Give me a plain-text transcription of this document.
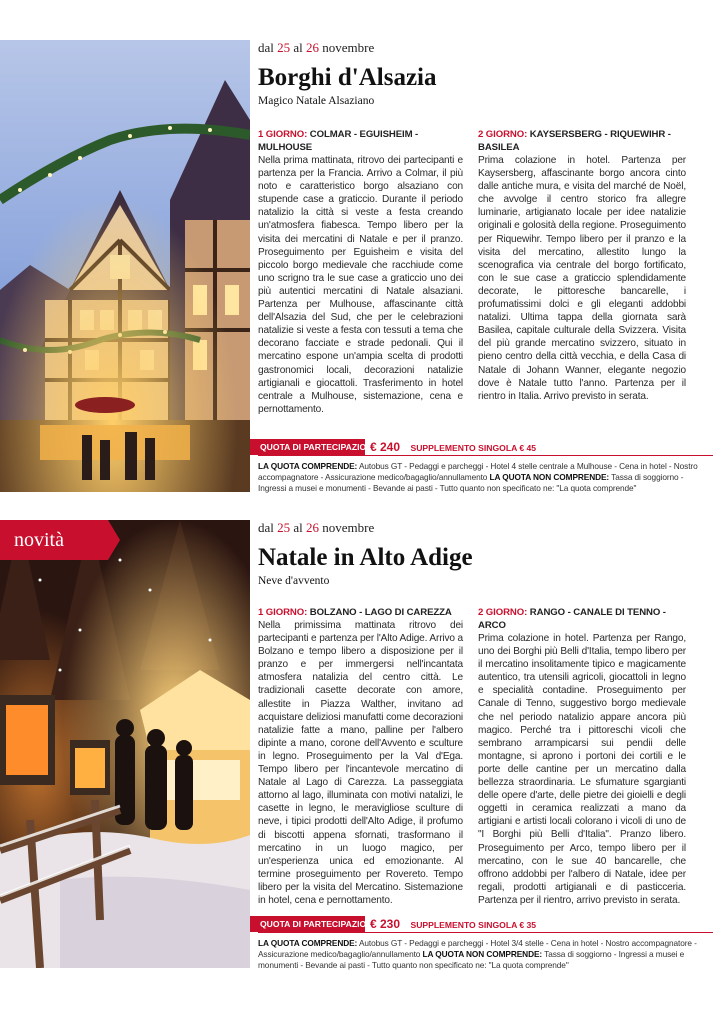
dal 25 al 26 novembre
Borghi d'Alsazia
Magico Natale Alsaziano
1 GIORNO: COLMAR - EGUISHEIM - MULHOUSE
Nella prima mattinata, ritrovo dei partecipanti e partenza per la Francia. Arrivo a Colmar, il più noto e caratteristico borgo alsaziano con stupende case a graticcio. Durante il periodo natalizio la città si veste a festa creando un'atmosfera fiabesca. Tempo libero per la visita dei mercatini di Natale e per il pranzo. Proseguimento per Eguisheim e visita del piccolo borgo medievale che racchiude come uno scrigno tra le sue case a graticcio uno dei più autentici mercatini di Natale alsaziani. Partenza per Mulhouse, affascinante città dell'Alsazia del Sud, che per le celebrazioni natalizie si veste a festa con tessuti a tema che decorano facciate e strade pedonali. Qui il mercatino espone un'ampia scelta di prodotti gastronomici locali, decorazioni natalizie artigianali e giocattoli. Trasferimento in hotel centrale a Mulhouse, sistemazione, cena e pernottamento.
2 GIORNO: KAYSERSBERG - RIQUEWIHR - BASILEA
Prima colazione in hotel. Partenza per Kaysersberg, affascinante borgo ancora cinto dalle antiche mura, e visita del marché de Noël, che avvolge il centro storico fra allegre luminarie, artigianato locale per idee natalizie originali e golosità della regione. Proseguimento per Riquewihr. Tempo libero per il pranzo e la visita del mercatino, allestito lungo la scenografica via centrale del borgo fortificato, con le sue case a graticcio splendidamente decorate, le pittoresche bancarelle, i profumatissimi dolci e gli eleganti addobbi natalizi. Ultima tappa della giornata sarà Basilea, capitale culturale della Svizzera. Visita del più grande mercatino svizzero, situato in pieno centro della città vecchia, e della Casa di Natale di Johann Wanner, elegante negozio dove è Natale tutto l'anno. Partenza per il rientro in Italia. Arrivo previsto in serata.
QUOTA DI PARTECIPAZIONE:
€ 240 SUPPLEMENTO SINGOLA € 45
LA QUOTA COMPRENDE: Autobus GT - Pedaggi e parcheggi - Hotel 4 stelle centrale a Mulhouse - Cena in hotel - Nostro accompagnatore - Assicurazione medico/bagaglio/annullamento LA QUOTA NON COMPRENDE: Tassa di soggiorno - Ingressi a musei e monumenti - Bevande ai pasti - Tutto quanto non specificato ne: "La quota comprende"
novità
dal 25 al 26 novembre
Natale in Alto Adige
Neve d'avvento
1 GIORNO: BOLZANO - LAGO DI CAREZZA
Nella primissima mattinata ritrovo dei partecipanti e partenza per l'Alto Adige. Arrivo a Bolzano e tempo libero a disposizione per il pranzo e per immergersi nell'incantata atmosfera natalizia del centro città. Le tradizionali casette decorate con amore, allestite in Piazza Walther, invitano ad acquistare deliziosi manufatti come decorazioni natalizie fatte a mano, palline per l'albero dipinte a mano, corone dell'Avvento e sculture in legno. Proseguimento per la Val d'Ega. Tempo libero per l'incantevole mercatino di Natale al Lago di Carezza. La passeggiata attorno al lago, illuminata con motivi natalizi, le casette in legno, le meravigliose sculture di neve, i tipici prodotti dell'Alto Adige, il profumo di biscotti appena sfornati, trasformano il mercatino in un luogo magico, per un'esperienza unica ed emozionante. Al termine proseguimento per Rovereto. Tempo libero per la visita del Mercatino. Sistemazione in hotel, cena e pernottamento.
2 GIORNO: RANGO - CANALE DI TENNO - ARCO
Prima colazione in hotel. Partenza per Rango, uno dei Borghi più Belli d'Italia, tempo libero per il mercatino insolitamente tipico e magicamente autentico, tra utensili agricoli, giocattoli in legno e specialità contadine. Proseguimento per Canale di Tenno, suggestivo borgo medievale che nel periodo natalizio appare ancora più magico. Perché tra i pittoreschi vicoli che sembrano arrampicarsi sui pendii delle montagne, si aprono i portoni dei cortili e le porte delle cantine per un mercatino dalla bellezza straordinaria. Le sfumature sgargianti delle opere d'arte, delle pietre dei gioielli e degli oggetti in ceramica realizzati a mano da artigiani e artisti locali colorano i vicoli di uno de "I Borghi più Belli d'Italia". Pranzo libero. Proseguimento per Arco, tempo libero per il mercatino, con le sue 40 bancarelle, che offrono addobbi per l'albero di Natale, idee per regali, prodotti artigianali e di pasticceria. Partenza per il rientro, arrivo previsto in serata.
QUOTA DI PARTECIPAZIONE:
€ 230 SUPPLEMENTO SINGOLA € 35
LA QUOTA COMPRENDE: Autobus GT - Pedaggi e parcheggi - Hotel 3/4 stelle - Cena in hotel - Nostro accompagnatore - Assicurazione medico/bagaglio/annullamento LA QUOTA NON COMPRENDE: Tassa di soggiorno - Ingressi a musei e monumenti - Bevande ai pasti - Tutto quanto non specificato ne: "La quota comprende"
